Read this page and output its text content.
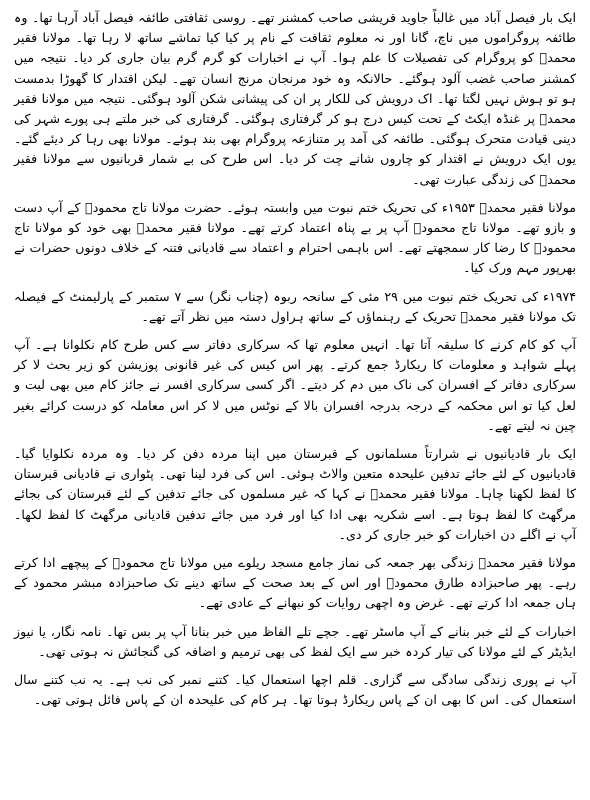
ایک بار فیصل آباد میں غالباً جاوید قریشی صاحب کمشنر تھے۔ روسی ثقافتی طائفہ فیصل آباد آرہا تھا۔ وہ طائفہ پروگراموں میں ناچ، گانا اور نہ معلوم ثقافت کے نام پر کیا کیا تماشے ساتھ لا رہا تھا۔ مولانا فقیر محمدؒ کو پروگرام کی تفصیلات کا علم ہوا۔ آپ نے اخبارات کو گرم گرم بیان جاری کر دیا۔ نتیجہ میں کمشنر صاحب غضب آلود ہوگئے۔ حالانکہ وہ خود مرنجان مرنج انسان تھے۔ لیکن اقتدار کا گھوڑا بدمست ہو تو ہوش نہیں لگتا تھا۔ اک درویش کی للکار پر ان کی پیشانی شکن آلود ہوگئی۔ نتیجہ میں مولانا فقیر محمدؒ پر غنڈہ ایکٹ کے تحت کیس درج ہو کر گرفتاری ہوگئی۔ گرفتاری کی خبر ملتے ہی پورے شہر کی دینی قیادت متحرک ہوگئی۔ طائفہ کی آمد پر متنازعہ پروگرام بھی بند ہوئے۔ مولانا بھی رہا کر دیئے گئے۔ یوں ایک درویش نے اقتدار کو چاروں شانے چت کر دیا۔ اس طرح کی بے شمار قربانیوں سے مولانا فقیر محمدؒ کی زندگی عبارت تھی۔

مولانا فقیر محمدؒ ۱۹۵۳ء کی تحریک ختم نبوت میں وابستہ ہوئے۔ حضرت مولانا تاج محمودؒ کے آپ دست و بازو تھے۔ مولانا تاج محمودؒ آپ پر بے پناہ اعتماد کرتے تھے۔ مولانا فقیر محمدؒ بھی خود کو مولانا تاج محمودؒ کا رضا کار سمجھتے تھے۔ اس باہمی احترام و اعتماد سے قادیانی فتنہ کے خلاف دونوں حضرات نے بھرپور مہم ورک کیا۔

۱۹۷۴ء کی تحریک ختم نبوت میں ۲۹ مئی کے سانحہ ربوہ (چناب نگر) سے ۷ ستمبر کے پارلیمنٹ کے فیصلہ تک مولانا فقیر محمدؒ تحریک کے رہنماؤں کے ساتھ ہراول دستہ میں نظر آتے تھے۔

آپ کو کام کرنے کا سلیقہ آتا تھا۔ انہیں معلوم تھا کہ سرکاری دفاتر سے کس طرح کام نکلوانا ہے۔ آپ پہلے شواہد و معلومات کا ریکارڈ جمع کرتے۔ پھر اس کیس کی غیر قانونی پوزیشن کو زیر بحث لا کر سرکاری دفاتر کے افسران کی ناک میں دم کر دیتے۔ اگر کسی سرکاری افسر نے جائز کام میں بھی لیت و لعل کیا تو اس محکمہ کے درجہ بدرجہ افسران بالا کے نوٹس میں لا کر اس معاملہ کو درست کرائے بغیر چین نہ لیتے تھے۔

ایک بار قادیانیوں نے شرارتاً مسلمانوں کے قبرستان میں اپنا مردہ دفن کر دیا۔ وہ مردہ نکلوایا گیا۔ قادیانیوں کے لئے جائے تدفین علیحدہ متعین والاٹ ہوئی۔ اس کی فرد لینا تھی۔ پٹواری نے قادیانی قبرستان کا لفظ لکھنا چاہا۔ مولانا فقیر محمدؒ نے کہا کہ غیر مسلموں کی جائے تدفین کے لئے قبرستان کی بجائے مرگھٹ کا لفظ ہوتا ہے۔ اسے شکریہ بھی ادا کیا اور فرد میں جائے تدفین قادیانی مرگھٹ کا لفظ لکھا۔ آپ نے اگلے دن اخبارات کو خبر جاری کر دی۔

مولانا فقیر محمدؒ زندگی بھر جمعہ کی نماز جامع مسجد ریلوے میں مولانا تاج محمودؒ کے پیچھے ادا کرتے رہے۔ پھر صاحبزادہ طارق محمودؒ اور اس کے بعد صحت کے ساتھ دینے تک صاحبزادہ مبشر محمود کے ہاں جمعہ ادا کرتے تھے۔ غرض وہ اچھی روایات کو نبھانے کے عادی تھے۔

اخبارات کے لئے خبر بنانے کے آپ ماسٹر تھے۔ جچے تلے الفاظ میں خبر بنانا آپ پر بس تھا۔ نامہ نگار، یا نیوز ایڈیٹر کے لئے مولانا کی تیار کردہ خبر سے ایک لفظ کی بھی ترمیم و اضافہ کی گنجائش نہ ہوتی تھی۔

آپ نے پوری زندگی سادگی سے گزاری۔ قلم اچھا استعمال کیا۔ کتنے نمبر کی نب ہے۔ یہ نب کتنے سال استعمال کی۔ اس کا بھی ان کے پاس ریکارڈ ہوتا تھا۔ ہر کام کی علیحدہ ان کے پاس فائل ہوتی تھی۔
